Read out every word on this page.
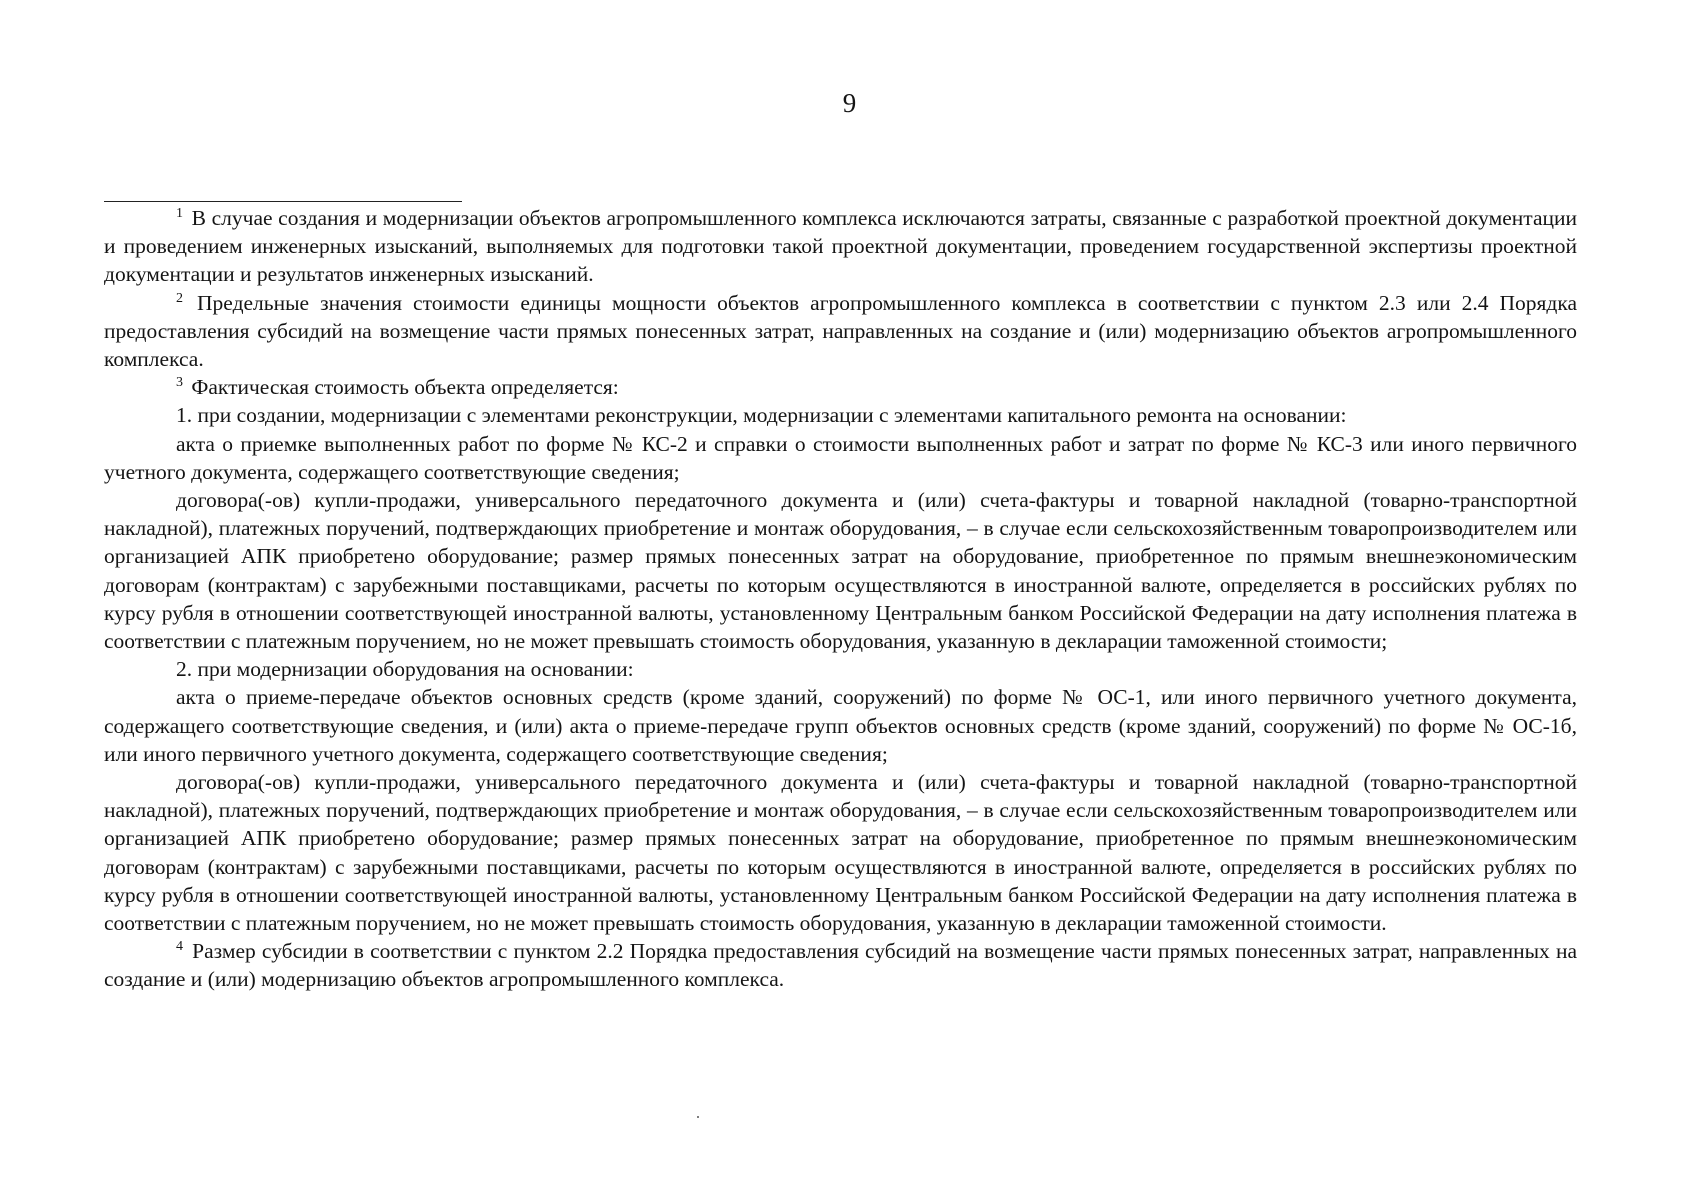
9

$^1$ В случае создания и модернизации объектов агропромышленного комплекса исключаются затраты, связанные с разработкой проектной документации и проведением инженерных изысканий, выполняемых для подготовки такой проектной документации, проведением государственной экспертизы проектной документации и результатов инженерных изысканий.

$^2$ Предельные значения стоимости единицы мощности объектов агропромышленного комплекса в соответствии с пунктом 2.3 или 2.4 Порядка предоставления субсидий на возмещение части прямых понесенных затрат, направленных на создание и (или) модернизацию объектов агропромышленного комплекса.

$^3$ Фактическая стоимость объекта определяется:

1. при создании, модернизации с элементами реконструкции, модернизации с элементами капитального ремонта на основании:

акта о приемке выполненных работ по форме № КС-2 и справки о стоимости выполненных работ и затрат по форме № КС-3 или иного первичного учетного документа, содержащего соответствующие сведения;

договора(-ов) купли-продажи, универсального передаточного документа и (или) счета-фактуры и товарной накладной (товарно-транспортной накладной), платежных поручений, подтверждающих приобретение и монтаж оборудования, – в случае если сельскохозяйственным товаропроизводителем или организацией АПК приобретено оборудование; размер прямых понесенных затрат на оборудование, приобретенное по прямым внешнеэкономическим договорам (контрактам) с зарубежными поставщиками, расчеты по которым осуществляются в иностранной валюте, определяется в российских рублях по курсу рубля в отношении соответствующей иностранной валюты, установленному Центральным банком Российской Федерации на дату исполнения платежа в соответствии с платежным поручением, но не может превышать стоимость оборудования, указанную в декларации таможенной стоимости;

2. при модернизации оборудования на основании:

акта о приеме-передаче объектов основных средств (кроме зданий, сооружений) по форме № ОС-1, или иного первичного учетного документа, содержащего соответствующие сведения, и (или) акта о приеме-передаче групп объектов основных средств (кроме зданий, сооружений) по форме № ОС-1б, или иного первичного учетного документа, содержащего соответствующие сведения;

договора(-ов) купли-продажи, универсального передаточного документа и (или) счета-фактуры и товарной накладной (товарно-транспортной накладной), платежных поручений, подтверждающих приобретение и монтаж оборудования, – в случае если сельскохозяйственным товаропроизводителем или организацией АПК приобретено оборудование; размер прямых понесенных затрат на оборудование, приобретенное по прямым внешнеэкономическим договорам (контрактам) с зарубежными поставщиками, расчеты по которым осуществляются в иностранной валюте, определяется в российских рублях по курсу рубля в отношении соответствующей иностранной валюты, установленному Центральным банком Российской Федерации на дату исполнения платежа в соответствии с платежным поручением, но не может превышать стоимость оборудования, указанную в декларации таможенной стоимости.

$^4$ Размер субсидии в соответствии с пунктом 2.2 Порядка предоставления субсидий на возмещение части прямых понесенных затрат, направленных на создание и (или) модернизацию объектов агропромышленного комплекса.
